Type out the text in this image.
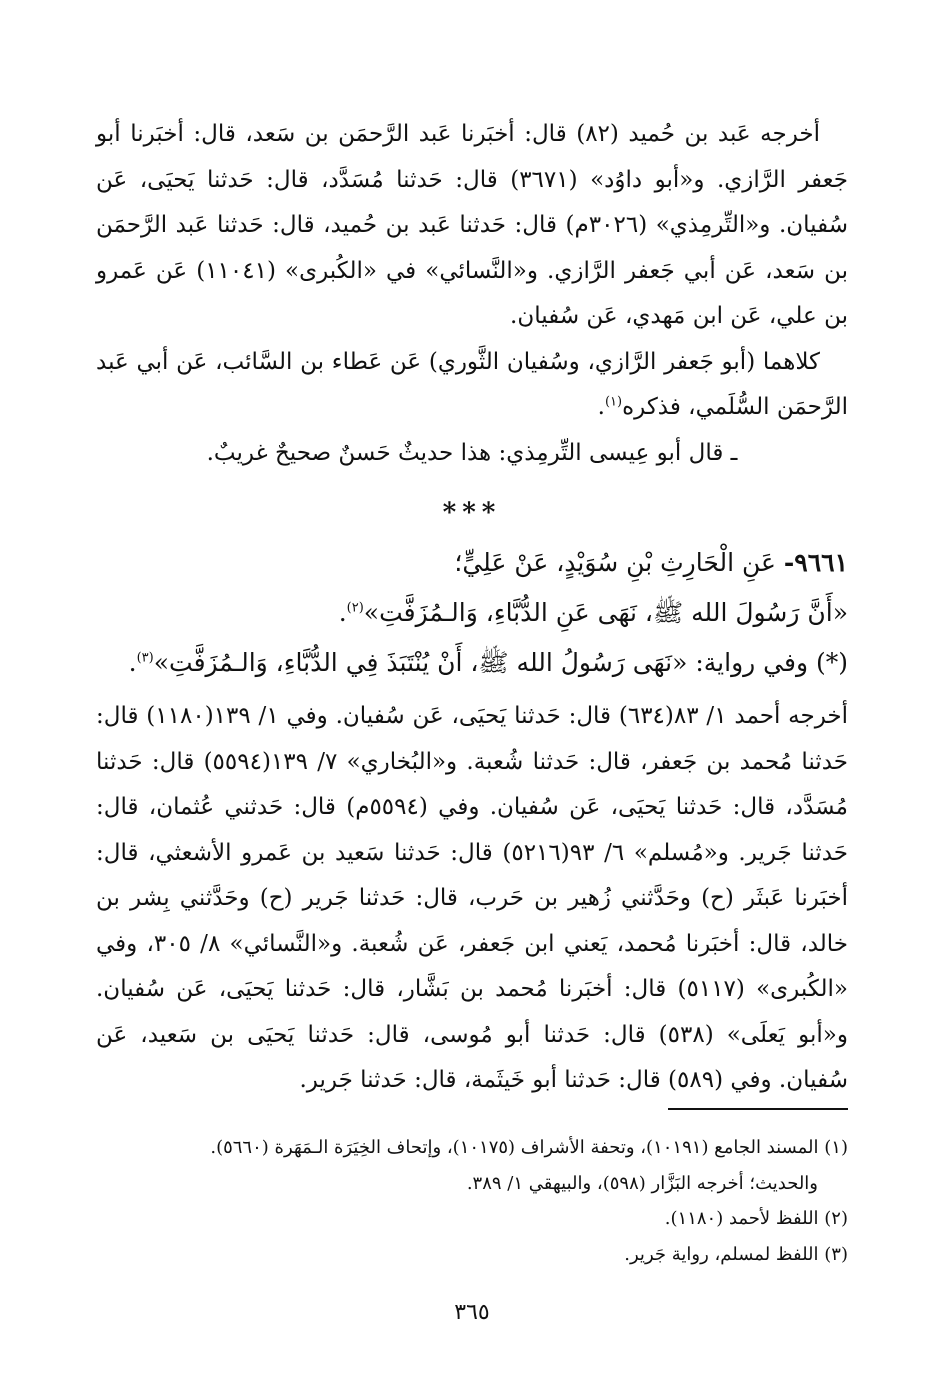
أخرجه عَبد بن حُميد (٨٢) قال: أخبَرنا عَبد الرَّحمَن بن سَعد، قال: أخبَرنا أبو جَعفر الرَّازي. و«أبو داوُد» (٣٦٧١) قال: حَدثنا مُسَدَّد، قال: حَدثنا يَحيَى، عَن سُفيان. و«التِّرمِذي» (٣٠٢٦م) قال: حَدثنا عَبد بن حُميد، قال: حَدثنا عَبد الرَّحمَن بن سَعد، عَن أبي جَعفر الرَّازي. و«النَّسائي» في «الكُبرى» (١١٠٤١) عَن عَمرو بن علي، عَن ابن مَهدي، عَن سُفيان.

كلاهما (أبو جَعفر الرَّازي، وسُفيان الثَّوري) عَن عَطاء بن السَّائب، عَن أبي عَبد الرَّحمَن السُّلَمي، فذكره$^{(١)}$.

ـ قال أبو عِيسى التِّرمِذي: هذا حديثٌ حَسنٌ صحيحٌ غريبٌ.

***

٩٦٦١- عَنِ الْحَارِثِ بْنِ سُوَيْدٍ، عَنْ عَلِيٍّ؛

«أَنَّ رَسُولَ الله ﷺ، نَهَى عَنِ الدُّبَّاءِ، وَالـمُزَفَّتِ»$^{(٢)}$.

(*) وفي رواية: «نَهَى رَسُولُ الله ﷺ، أَنْ يُنْتَبَذَ فِي الدُّبَّاءِ، وَالـمُزَفَّتِ»$^{(٣)}$.

أخرجه أحمد ١/ ٨٣(٦٣٤) قال: حَدثنا يَحيَى، عَن سُفيان. وفي ١/ ١٣٩(١١٨٠) قال: حَدثنا مُحمد بن جَعفر، قال: حَدثنا شُعبة. و«البُخاري» ٧/ ١٣٩(٥٥٩٤) قال: حَدثنا مُسَدَّد، قال: حَدثنا يَحيَى، عَن سُفيان. وفي (٥٥٩٤م) قال: حَدثني عُثمان، قال: حَدثنا جَرير. و«مُسلم» ٦/ ٩٣(٥٢١٦) قال: حَدثنا سَعيد بن عَمرو الأشعثي، قال: أخبَرنا عَبثَر (ح) وحَدَّثني زُهير بن حَرب، قال: حَدثنا جَرير (ح) وحَدَّثني بِشر بن خالد، قال: أخبَرنا مُحمد، يَعني ابن جَعفر، عَن شُعبة. و«النَّسائي» ٨/ ٣٠٥، وفي «الكُبرى» (٥١١٧) قال: أخبَرنا مُحمد بن بَشَّار، قال: حَدثنا يَحيَى، عَن سُفيان. و«أبو يَعلَى» (٥٣٨) قال: حَدثنا أبو مُوسى، قال: حَدثنا يَحيَى بن سَعيد، عَن سُفيان. وفي (٥٨٩) قال: حَدثنا أبو خَيثَمة، قال: حَدثنا جَرير.

(١) المسند الجامع (١٠١٩١)، وتحفة الأشراف (١٠١٧٥)، وإتحاف الخِيَرَة الـمَهَرة (٥٦٦٠).

والحديث؛ أخرجه البَزَّار (٥٩٨)، والبيهقي ١/ ٣٨٩.

(٢) اللفظ لأحمد (١١٨٠).

(٣) اللفظ لمسلم، رواية جَرير.

٣٦٥
